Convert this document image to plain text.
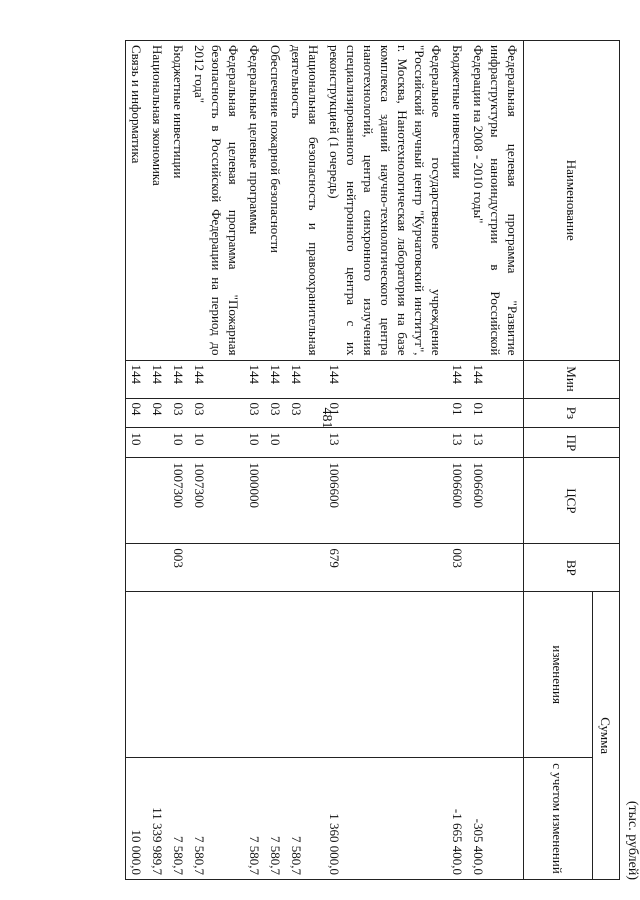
481
(тыс. рублей)
Наименование	Мин	Рз	ПР	ЦСР	ВР	Сумма	
						изменения	с учетом изменений
Федеральная целевая программа "Развитие инфраструктуры наноиндустрии в Российской Федерации на 2008 - 2010 годы"	144	01	13	1006600			-305 400,0
Бюджетные инвестиции	144	01	13	1006600	003		-1 665 400,0
Федеральное государственное учреждение "Российский научный центр "Курчатовский институт", г. Москва, Нанотехнологическая лаборатория на базе комплекса зданий научно-технологического центра нанотехнологий, центра синхронного излучения специализированного нейтронного центра с их реконструкцией (1 очередь)	144	01	13	1006600	679		1 360 000,0
Национальная безопасность и правоохранительная деятельность	144	03					7 580,7
Обеспечение пожарной безопасности	144	03	10				7 580,7
Федеральные целевые программы	144	03	10	1000000			7 580,7
Федеральная целевая программа "Пожарная безопасность в Российской Федерации на период до 2012 года"	144	03	10	1007300			7 580,7
Бюджетные инвестиции	144	03	10	1007300	003		7 580,7
Национальная экономика	144	04					11 339 989,7
Связь и информатика	144	04	10				10 000,0
